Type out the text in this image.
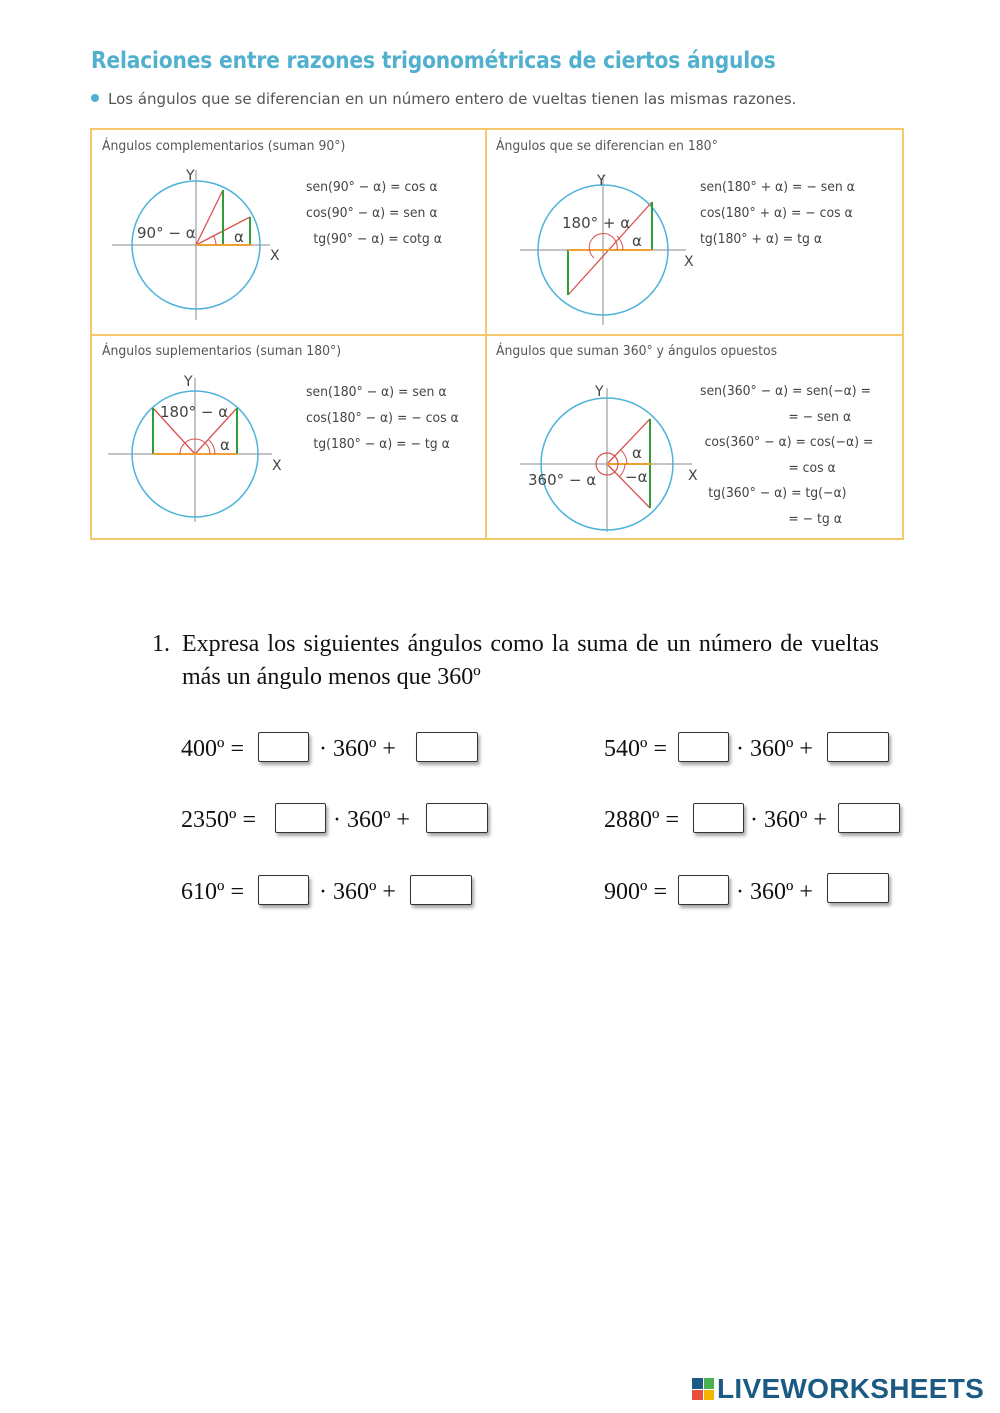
Relaciones entre razones trigonométricas de ciertos ángulos
Los ángulos que se diferencian en un número entero de vueltas tienen las mismas razones.
Ángulos complementarios (suman 90°)
Y
X
90° − α	α
sen(90° − α) = cos α
cos(90° − α) = sen α
tg(90° − α) = cotg α
Ángulos que se diferencian en 180°
Y
X
180° + α
α
sen(180° + α) = − sen α
cos(180° + α) = − cos α
tg(180° + α) = tg α
Ángulos suplementarios (suman 180°)
Y
X
180° − α
α
sen(180° − α) = sen α
cos(180° − α) = − cos α
tg(180° − α) = − tg α
Ángulos que suman 360° y ángulos opuestos
Y
X
360° − α
α
−α
sen(360° − α) = sen(−α) =
= − sen α
cos(360° − α) = cos(−α) =
= cos α
tg(360° − α) = tg(−α)
= − tg α
1. Expresa los siguientes ángulos como la suma de un número de vueltas más un ángulo menos que 360º
400º =	· 360º +	540º =	· 360º +
2350º =	· 360º +	2880º =	· 360º +
610º =	· 360º +	900º =	· 360º +
LIVEWORKSHEETS
